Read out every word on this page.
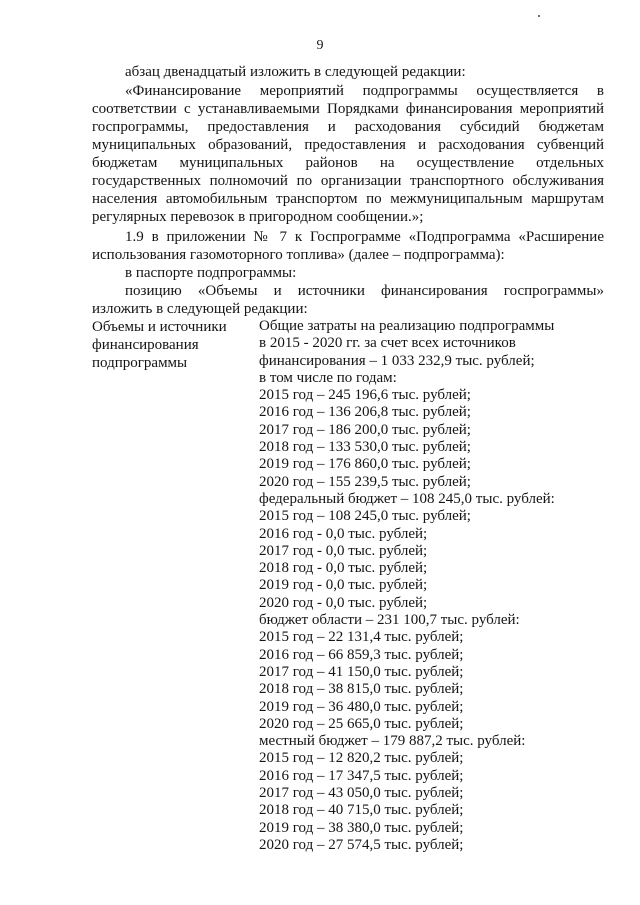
9
абзац двенадцатый изложить в следующей редакции:
«Финансирование мероприятий подпрограммы осуществляется в
соответствии с устанавливаемыми Порядками финансирования мероприятий
госпрограммы, предоставления и расходования субсидий бюджетам
муниципальных образований, предоставления и расходования субвенций
бюджетам муниципальных районов на осуществление отдельных
государственных полномочий по организации транспортного обслуживания
населения автомобильным транспортом по межмуниципальным маршрутам
регулярных перевозок в пригородном сообщении.»;
1.9 в приложении № 7 к Госпрограмме «Подпрограмма «Расширение
использования газомоторного топлива» (далее – подпрограмма):
в паспорте подпрограммы:
позицию «Объемы и источники финансирования госпрограммы»
изложить в следующей редакции:
Объемы и источники
финансирования
подпрограммы
Общие затраты на реализацию подпрограммы
в 2015 - 2020 гг. за счет всех источников
финансирования – 1 033 232,9 тыс. рублей;
в том числе по годам:
2015 год – 245 196,6 тыс. рублей;
2016 год – 136 206,8 тыс. рублей;
2017 год – 186 200,0 тыс. рублей;
2018 год – 133 530,0 тыс. рублей;
2019 год – 176 860,0 тыс. рублей;
2020 год – 155 239,5 тыс. рублей;
федеральный бюджет – 108 245,0 тыс. рублей:
2015 год – 108 245,0 тыс. рублей;
2016 год - 0,0 тыс. рублей;
2017 год - 0,0 тыс. рублей;
2018 год - 0,0 тыс. рублей;
2019 год - 0,0 тыс. рублей;
2020 год - 0,0 тыс. рублей;
бюджет области – 231 100,7 тыс. рублей:
2015 год – 22 131,4 тыс. рублей;
2016 год – 66 859,3 тыс. рублей;
2017 год – 41 150,0 тыс. рублей;
2018 год – 38 815,0 тыс. рублей;
2019 год – 36 480,0 тыс. рублей;
2020 год – 25 665,0 тыс. рублей;
местный бюджет – 179 887,2 тыс. рублей:
2015 год – 12 820,2 тыс. рублей;
2016 год – 17 347,5 тыс. рублей;
2017 год – 43 050,0 тыс. рублей;
2018 год – 40 715,0 тыс. рублей;
2019 год – 38 380,0 тыс. рублей;
2020 год – 27 574,5 тыс. рублей;
